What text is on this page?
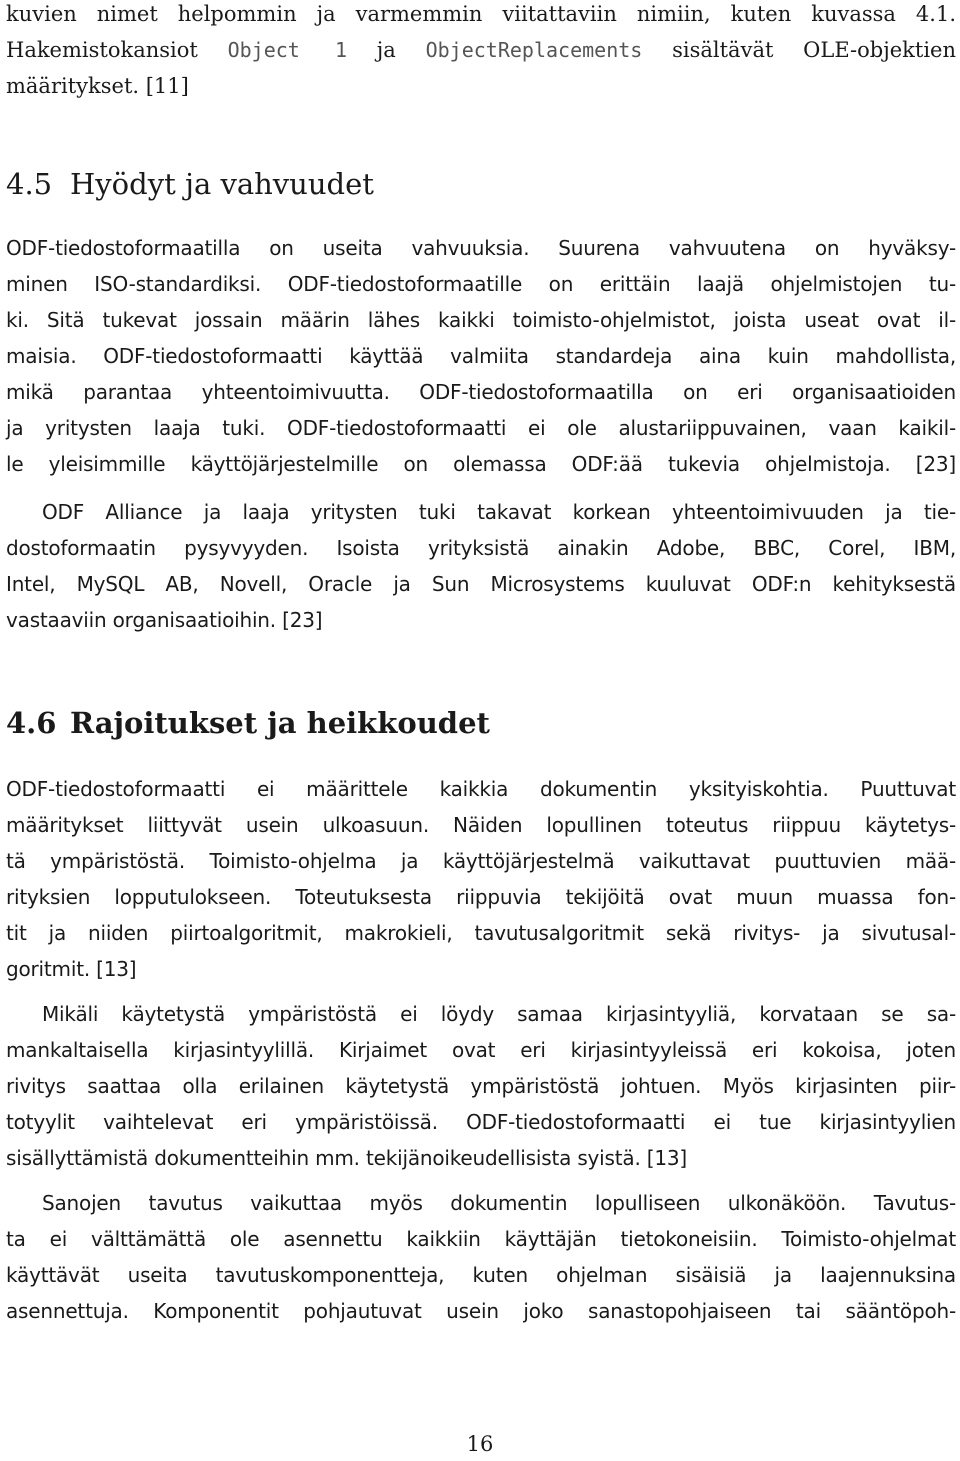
kuvien nimet helpommin ja varmemmin viitattaviin nimiin, kuten kuvassa 4.1.
Hakemistokansiot Object 1 ja ObjectReplacements sisältävät OLE-objektien
määritykset. [11]
4.5 Hyödyt ja vahvuudet
ODF-tiedostoformaatilla on useita vahvuuksia. Suurena vahvuutena on hyväksy-
minen ISO-standardiksi. ODF-tiedostoformaatille on erittäin laajä ohjelmistojen tu-
ki. Sitä tukevat jossain määrin lähes kaikki toimisto-ohjelmistot, joista useat ovat il-
maisia. ODF-tiedostoformaatti käyttää valmiita standardeja aina kuin mahdollista,
mikä parantaa yhteentoimivuutta. ODF-tiedostoformaatilla on eri organisaatioiden
ja yritysten laaja tuki. ODF-tiedostoformaatti ei ole alustariippuvainen, vaan kaikil-
le yleisimmille käyttöjärjestelmille on olemassa ODF:ää tukevia ohjelmistoja. [23]
ODF Alliance ja laaja yritysten tuki takavat korkean yhteentoimivuuden ja tie-
dostoformaatin pysyvyyden. Isoista yrityksistä ainakin Adobe, BBC, Corel, IBM,
Intel, MySQL AB, Novell, Oracle ja Sun Microsystems kuuluvat ODF:n kehityksestä
vastaaviin organisaatioihin. [23]
4.6 Rajoitukset ja heikkoudet
ODF-tiedostoformaatti ei määrittele kaikkia dokumentin yksityiskohtia. Puuttuvat
määritykset liittyvät usein ulkoasuun. Näiden lopullinen toteutus riippuu käytetys-
tä ympäristöstä. Toimisto-ohjelma ja käyttöjärjestelmä vaikuttavat puuttuvien mää-
rityksien lopputulokseen. Toteutuksesta riippuvia tekijöitä ovat muun muassa fon-
tit ja niiden piirtoalgoritmit, makrokieli, tavutusalgoritmit sekä rivitys- ja sivutusal-
goritmit. [13]
Mikäli käytetystä ympäristöstä ei löydy samaa kirjasintyyliä, korvataan se sa-
mankaltaisella kirjasintyylillä. Kirjaimet ovat eri kirjasintyyleissä eri kokoisa, joten
rivitys saattaa olla erilainen käytetystä ympäristöstä johtuen. Myös kirjasinten piir-
totyylit vaihtelevat eri ympäristöissä. ODF-tiedostoformaatti ei tue kirjasintyylien
sisällyttämistä dokumentteihin mm. tekijänoikeudellisista syistä. [13]
Sanojen tavutus vaikuttaa myös dokumentin lopulliseen ulkonäköön. Tavutus-
ta ei välttämättä ole asennettu kaikkiin käyttäjän tietokoneisiin. Toimisto-ohjelmat
käyttävät useita tavutuskomponentteja, kuten ohjelman sisäisiä ja laajennuksina
asennettuja. Komponentit pohjautuvat usein joko sanastopohjaiseen tai sääntöpoh-
16
